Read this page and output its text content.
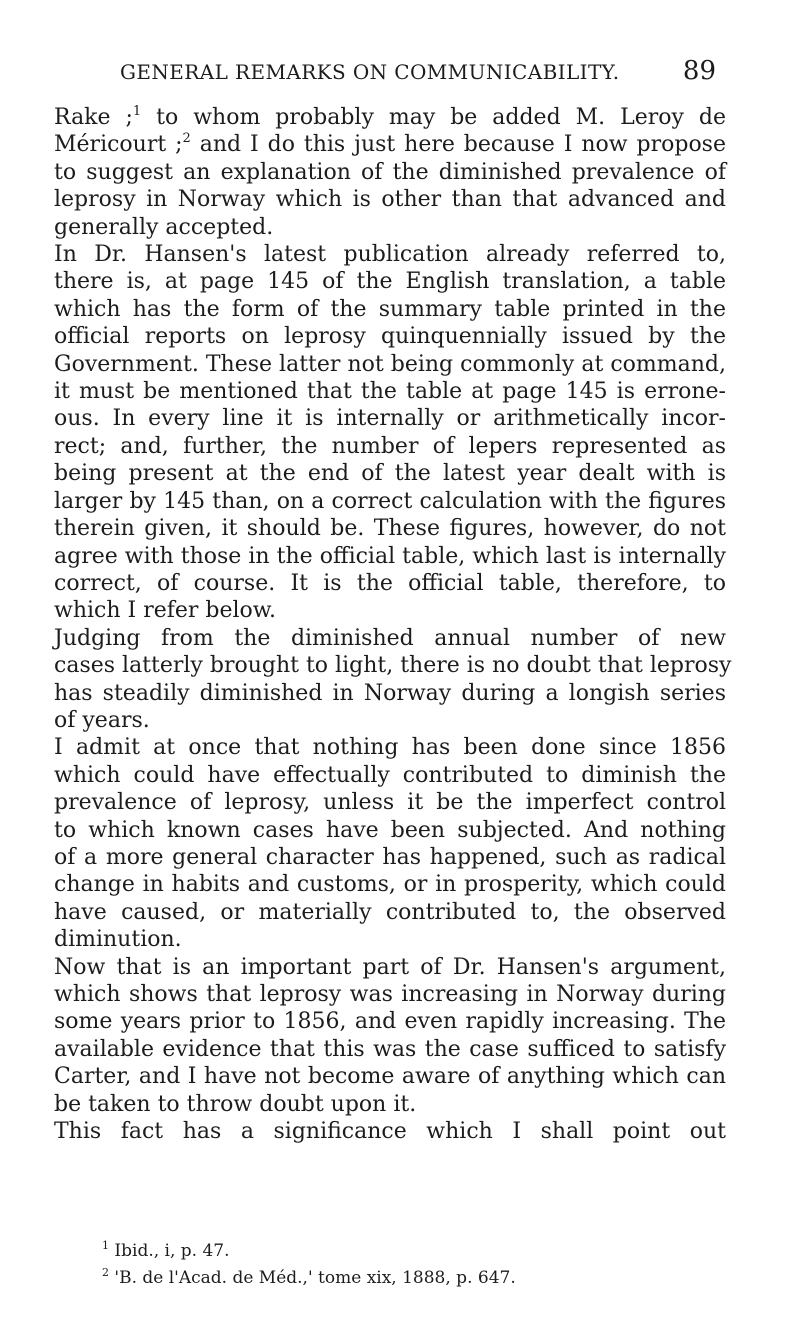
GENERAL REMARKS ON COMMUNICABILITY. 89
Rake ;$^1$ to whom probably may be added M. Leroy de
Méricourt ;$^2$ and I do this just here because I now propose
to suggest an explanation of the diminished prevalence of
leprosy in Norway which is other than that advanced and
generally accepted.
In Dr. Hansen's latest publication already referred to,
there is, at page 145 of the English translation, a table
which has the form of the summary table printed in the
official reports on leprosy quinquennially issued by the
Government. These latter not being commonly at command,
it must be mentioned that the table at page 145 is errone-
ous. In every line it is internally or arithmetically incor-
rect; and, further, the number of lepers represented as
being present at the end of the latest year dealt with is
larger by 145 than, on a correct calculation with the figures
therein given, it should be. These figures, however, do not
agree with those in the official table, which last is internally
correct, of course. It is the official table, therefore, to
which I refer below.
Judging from the diminished annual number of new
cases latterly brought to light, there is no doubt that leprosy
has steadily diminished in Norway during a longish series
of years.
I admit at once that nothing has been done since 1856
which could have effectually contributed to diminish the
prevalence of leprosy, unless it be the imperfect control
to which known cases have been subjected. And nothing
of a more general character has happened, such as radical
change in habits and customs, or in prosperity, which could
have caused, or materially contributed to, the observed
diminution.
Now that is an important part of Dr. Hansen's argument,
which shows that leprosy was increasing in Norway during
some years prior to 1856, and even rapidly increasing. The
available evidence that this was the case sufficed to satisfy
Carter, and I have not become aware of anything which can
be taken to throw doubt upon it.
This fact has a significance which I shall point out
$^1$ Ibid., i, p. 47.
$^2$ 'B. de l'Acad. de Méd.,' tome xix, 1888, p. 647.
